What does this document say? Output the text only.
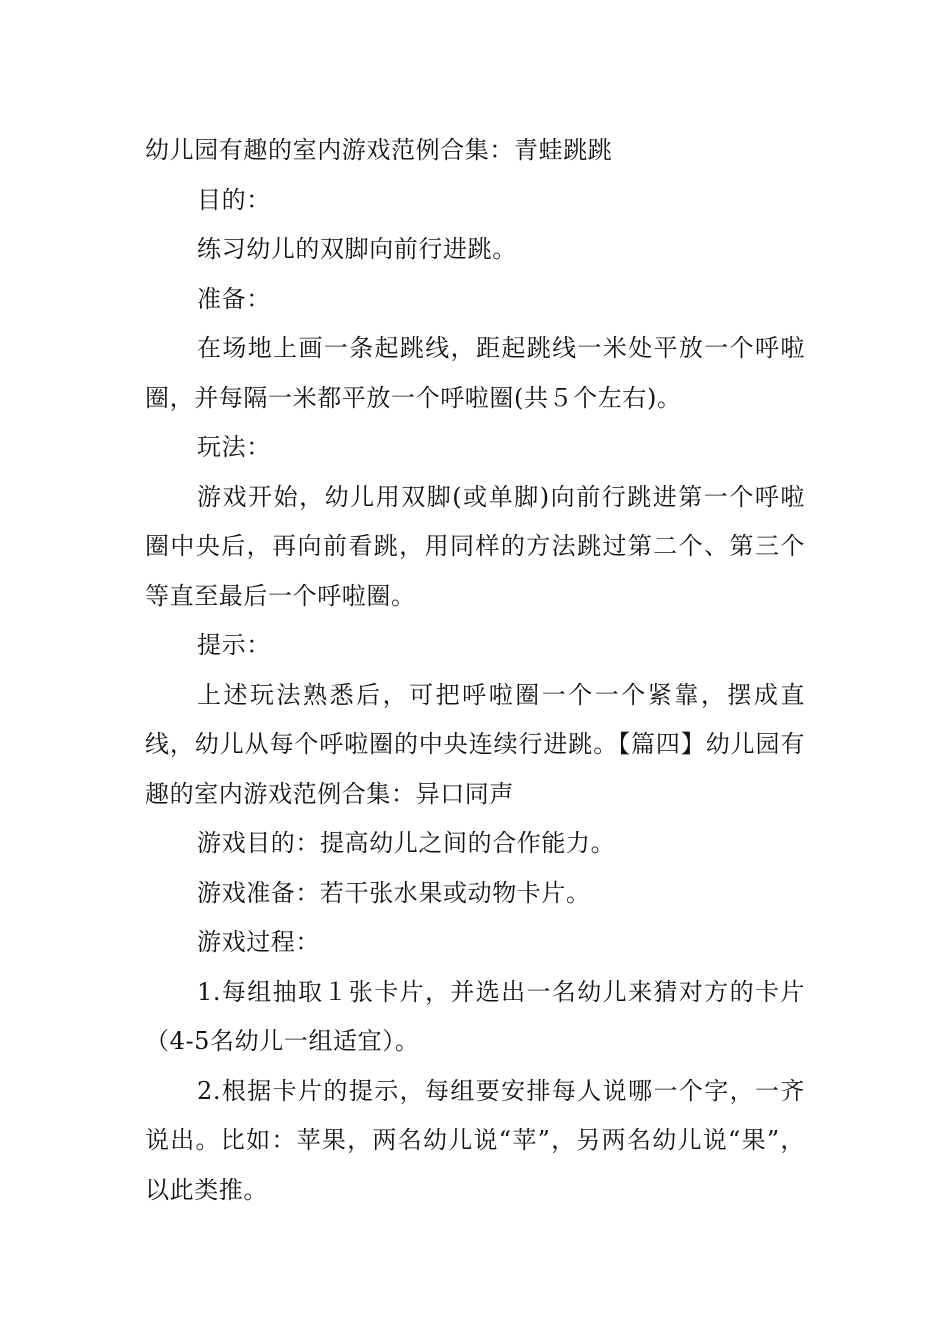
幼儿园有趣的室内游戏范例合集：青蛙跳跳

目的：

练习幼儿的双脚向前行进跳。

准备：

在场地上画一条起跳线，距起跳线一米处平放一个呼啦圈，并每隔一米都平放一个呼啦圈(共５个左右)。

玩法：

游戏开始，幼儿用双脚(或单脚)向前行跳进第一个呼啦圈中央后，再向前看跳，用同样的方法跳过第二个、第三个等直至最后一个呼啦圈。

提示：

上述玩法熟悉后，可把呼啦圈一个一个紧靠，摆成直线，幼儿从每个呼啦圈的中央连续行进跳。【篇四】幼儿园有趣的室内游戏范例合集：异口同声

游戏目的：提高幼儿之间的合作能力。

游戏准备：若干张水果或动物卡片。

游戏过程：

1.每组抽取１张卡片，并选出一名幼儿来猜对方的卡片（4-5名幼儿一组适宜）。

2.根据卡片的提示，每组要安排每人说哪一个字，一齐说出。比如：苹果，两名幼儿说“苹”，另两名幼儿说“果”，以此类推。
